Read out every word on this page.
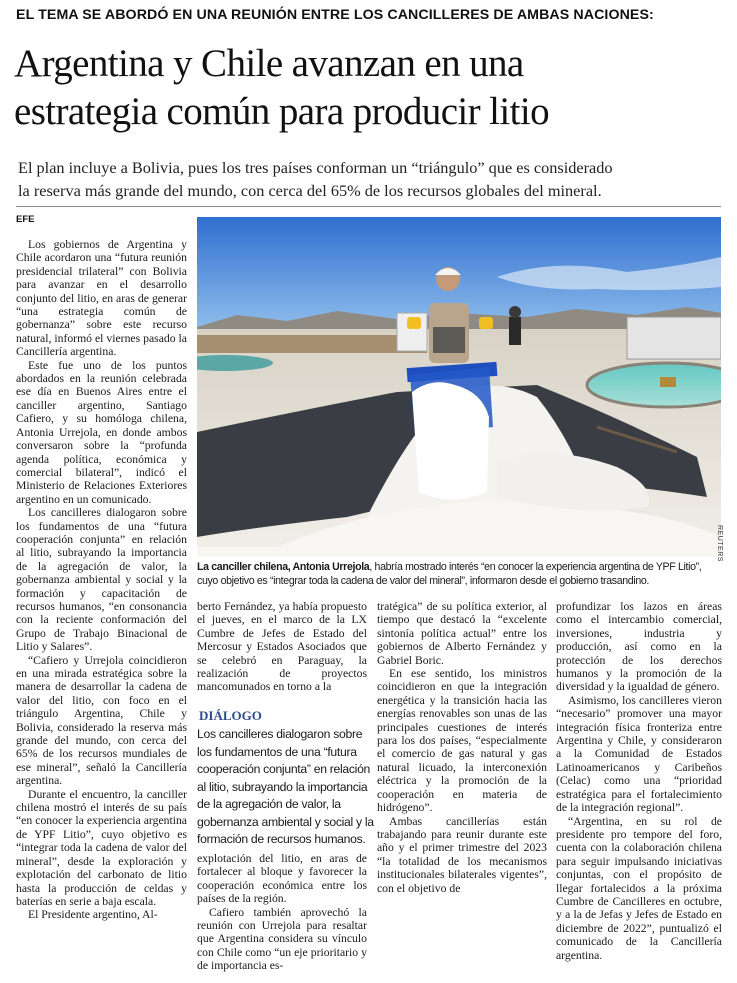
EL TEMA SE ABORDÓ EN UNA REUNIÓN ENTRE LOS CANCILLERES DE AMBAS NACIONES:
Argentina y Chile avanzan en una
estrategia común para producir litio
El plan incluye a Bolivia, pues los tres países conforman un “triángulo” que es considerado
la reserva más grande del mundo, con cerca del 65% de los recursos globales del mineral.
EFE

Los gobiernos de Argentina y Chile acordaron una “futura reunión presidencial trilateral” con Bolivia para avanzar en el desarrollo conjunto del litio, en aras de generar “una estrategia común de gobernanza” sobre este recurso natural, informó el viernes pasado la Cancillería argentina.

Este fue uno de los puntos abordados en la reunión celebrada ese día en Buenos Aires entre el canciller argentino, Santiago Cafiero, y su homóloga chilena, Antonia Urrejola, en donde ambos conversaron sobre la “profunda agenda política, económica y comercial bilateral”, indicó el Ministerio de Relaciones Exteriores argentino en un comunicado.

Los cancilleres dialogaron sobre los fundamentos de una “futura cooperación conjunta” en relación al litio, subrayando la importancia de la agregación de valor, la gobernanza ambiental y social y la formación y capacitación de recursos humanos, “en consonancia con la reciente conformación del Grupo de Trabajo Binacional de Litio y Salares”.

“Cafiero y Urrejola coincidieron en una mirada estratégica sobre la manera de desarrollar la cadena de valor del litio, con foco en el triángulo Argentina, Chile y Bolivia, considerado la reserva más grande del mundo, con cerca del 65% de los recursos mundiales de ese mineral”, señaló la Cancillería argentina.

Durante el encuentro, la canciller chilena mostró el interés de su país “en conocer la experiencia argentina de YPF Litio”, cuyo objetivo es “integrar toda la cadena de valor del mineral”, desde la exploración y explotación del carbonato de litio hasta la producción de celdas y baterías en serie a baja escala.

El Presidente argentino, Al-

REUTERS
La canciller chilena, Antonia Urrejola, habría mostrado interés “en conocer la experiencia argentina de YPF Litio”, cuyo objetivo es “integrar toda la cadena de valor del mineral”, informaron desde el gobierno trasandino.

berto Fernández, ya había propuesto el jueves, en el marco de la LX Cumbre de Jefes de Estado del Mercosur y Estados Asociados que se celebró en Paraguay, la realización de proyectos mancomunados en torno a la

DIÁLOGO
Los cancilleres dialogaron sobre los fundamentos de una “futura cooperación conjunta” en relación al litio, subrayando la importancia de la agregación de valor, la gobernanza ambiental y social y la formación de recursos humanos.

explotación del litio, en aras de fortalecer al bloque y favorecer la cooperación económica entre los países de la región.

Cafiero también aprovechó la reunión con Urrejola para resaltar que Argentina considera su vínculo con Chile como “un eje prioritario y de importancia es-

tratégica” de su política exterior, al tiempo que destacó la “excelente sintonía política actual” entre los gobiernos de Alberto Fernández y Gabriel Boric.

En ese sentido, los ministros coincidieron en que la integración energética y la transición hacia las energías renovables son unas de las principales cuestiones de interés para los dos países, “especialmente el comercio de gas natural y gas natural licuado, la interconexión eléctrica y la promoción de la cooperación en materia de hidrógeno”.

Ambas cancillerías están trabajando para reunir durante este año y el primer trimestre del 2023 “la totalidad de los mecanismos institucionales bilaterales vigentes”, con el objetivo de

profundizar los lazos en áreas como el intercambio comercial, inversiones, industria y producción, así como en la protección de los derechos humanos y la promoción de la diversidad y la igualdad de género.

Asimismo, los cancilleres vieron “necesario” promover una mayor integración física fronteriza entre Argentina y Chile, y consideraron a la Comunidad de Estados Latinoamericanos y Caribeños (Celac) como una “prioridad estratégica para el fortalecimiento de la integración regional”.

“Argentina, en su rol de presidente pro tempore del foro, cuenta con la colaboración chilena para seguir impulsando iniciativas conjuntas, con el propósito de llegar fortalecidos a la próxima Cumbre de Cancilleres en octubre, y a la de Jefas y Jefes de Estado en diciembre de 2022”, puntualizó el comunicado de la Cancillería argentina.
